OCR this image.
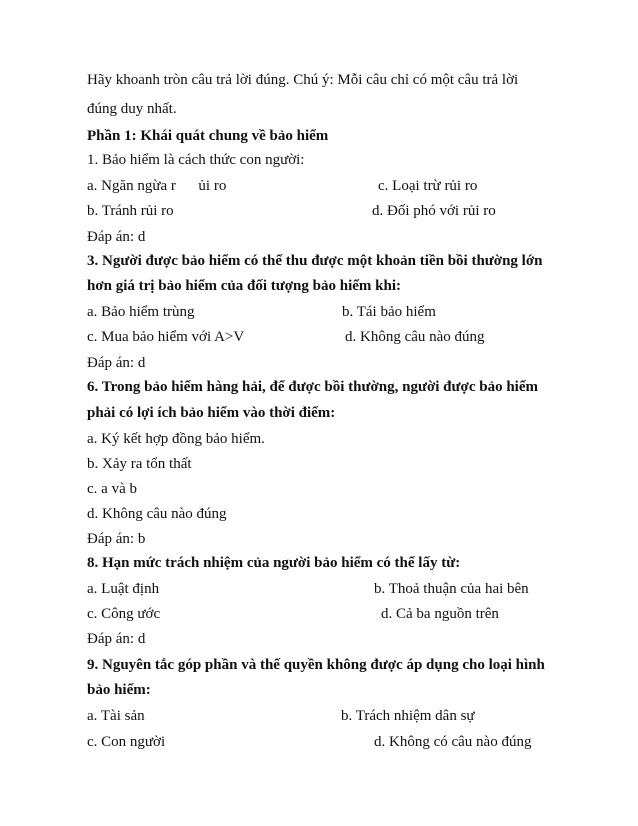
Hãy khoanh tròn câu trả lời đúng. Chú ý: Mỗi câu chỉ có một câu trả lời
đúng duy nhất.
Phần 1: Khái quát chung về bảo hiểm
1. Bảo hiểm là cách thức con người:
a. Ngăn ngừa r      ủi ro	c. Loại trừ rủi ro
b. Tránh rủi ro	d. Đối phó với rủi ro
Đáp án: d
3. Người được bảo hiểm có thể thu được một khoản tiền bồi thường lớn
hơn giá trị bảo hiểm của đối tượng bảo hiểm khi:
a. Bảo hiểm trùng	b. Tái bảo hiểm
c. Mua bảo hiểm với A>V	d. Không câu nào đúng
Đáp án: d
6. Trong bảo hiểm hàng hải, để được bồi thường, người được bảo hiểm
phải có lợi ích bảo hiểm vào thời điểm:
a. Ký kết hợp đồng bảo hiểm.
b. Xảy ra tổn thất
c. a và b
d. Không câu nào đúng
Đáp án: b
8. Hạn mức trách nhiệm của người bảo hiểm có thể lấy từ:
a. Luật định	b. Thoả thuận của hai bên
c. Công ước	d. Cả ba nguồn trên
Đáp án: d
9. Nguyên tắc góp phần và thế quyền không được áp dụng cho loại hình
bảo hiểm:
a. Tài sản	b. Trách nhiệm dân sự
c. Con người	d. Không có câu nào đúng
